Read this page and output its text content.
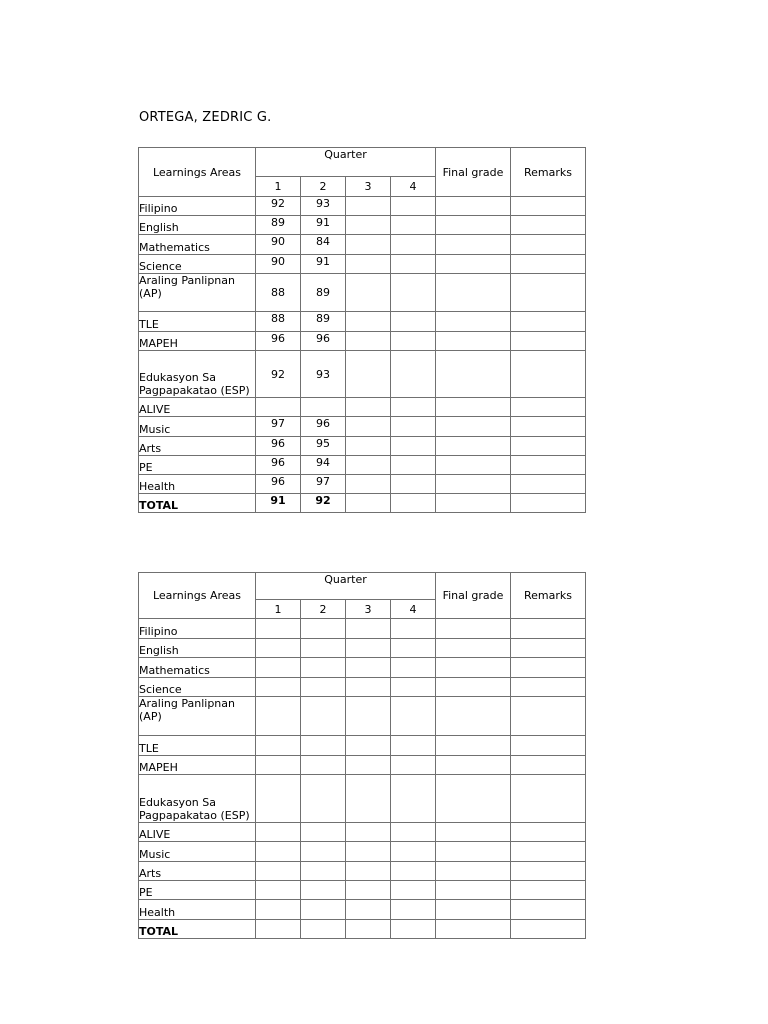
ORTEGA, ZEDRIC G.
Learnings Areas	Quarter				Final grade	Remarks
	1	2	3	4		
Filipino	92	93				
English	89	91				
Mathematics	90	84				
Science	90	91				
Araling Panlipnan (AP)	88	89				
TLE	88	89				
MAPEH	96	96				
Edukasyon Sa Pagpapakatao (ESP)	92	93				
ALIVE						
Music	97	96				
Arts	96	95				
PE	96	94				
Health	96	97				
TOTAL	91	92				
Learnings Areas	Quarter				Final grade	Remarks
	1	2	3	4		
Filipino						
English						
Mathematics						
Science						
Araling Panlipnan (AP)						
TLE						
MAPEH						
Edukasyon Sa Pagpapakatao (ESP)						
ALIVE						
Music						
Arts						
PE						
Health						
TOTAL						
